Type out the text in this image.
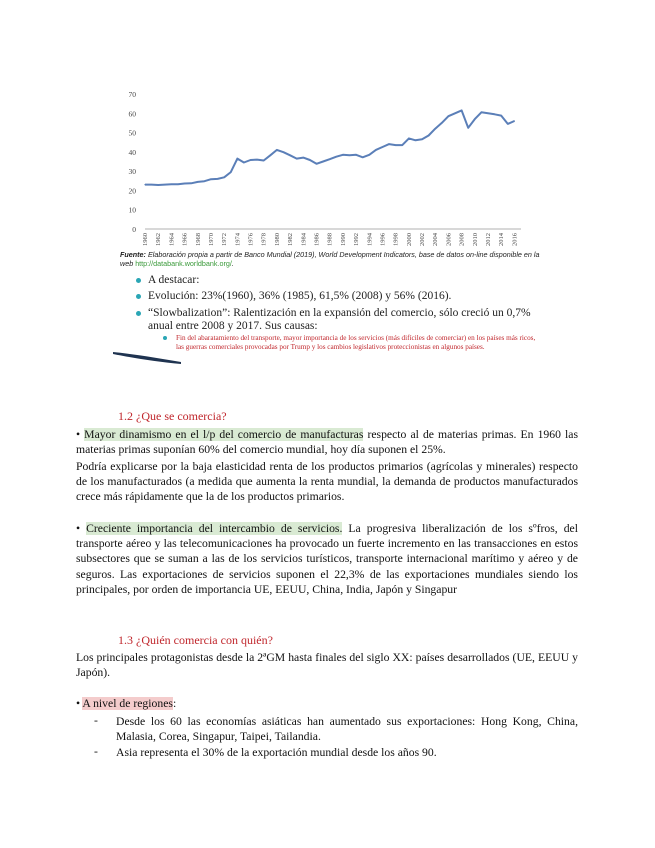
70
60
50
40
30
20
10
0
1960 1962 1964 1966 1968 1970 1972 1974 1976 1978 1980 1982 1984 1986 1988 1990 1992 1994 1996 1998 2000 2002 2004 2006 2008 2010 2012 2014 2016
Fuente: Elaboración propia a partir de Banco Mundial (2019), World Development Indicators, base de datos on-line disponible en la web http://databank.worldbank.org/.
A destacar:
Evolución: 23%(1960), 36% (1985), 61,5% (2008) y 56% (2016).
“Slowbalization”: Ralentización en la expansión del comercio, sólo creció un 0,7% anual entre 2008 y 2017. Sus causas:
Fin del abaratamiento del transporte, mayor importancia de los servicios (más difíciles de comerciar) en los países más ricos, las guerras comerciales provocadas por Trump y los cambios legislativos proteccionistas en algunos países.
1.2 ¿Que se comercia?
• Mayor dinamismo en el l/p del comercio de manufacturas respecto al de materias primas. En 1960 las materias primas suponían 60% del comercio mundial, hoy día suponen el 25%.
Podría explicarse por la baja elasticidad renta de los productos primarios (agrícolas y minerales) respecto de los manufacturados (a medida que aumenta la renta mundial, la demanda de productos manufacturados crece más rápidamente que la de los productos primarios.
• Creciente importancia del intercambio de servicios. La progresiva liberalización de los sºfros, del transporte aéreo y las telecomunicaciones ha provocado un fuerte incremento en las transacciones en estos subsectores que se suman a las de los servicios turísticos, transporte internacional marítimo y aéreo y de seguros. Las exportaciones de servicios suponen el 22,3% de las exportaciones mundiales siendo los principales, por orden de importancia UE, EEUU, China, India, Japón y Singapur
1.3 ¿Quién comercia con quién?
Los principales protagonistas desde la 2ªGM hasta finales del siglo XX: países desarrollados (UE, EEUU y Japón).
• A nivel de regiones:
- Desde los 60 las economías asiáticas han aumentado sus exportaciones: Hong Kong, China, Malasia, Corea, Singapur, Taipei, Tailandia.
- Asia representa el 30% de la exportación mundial desde los años 90.
